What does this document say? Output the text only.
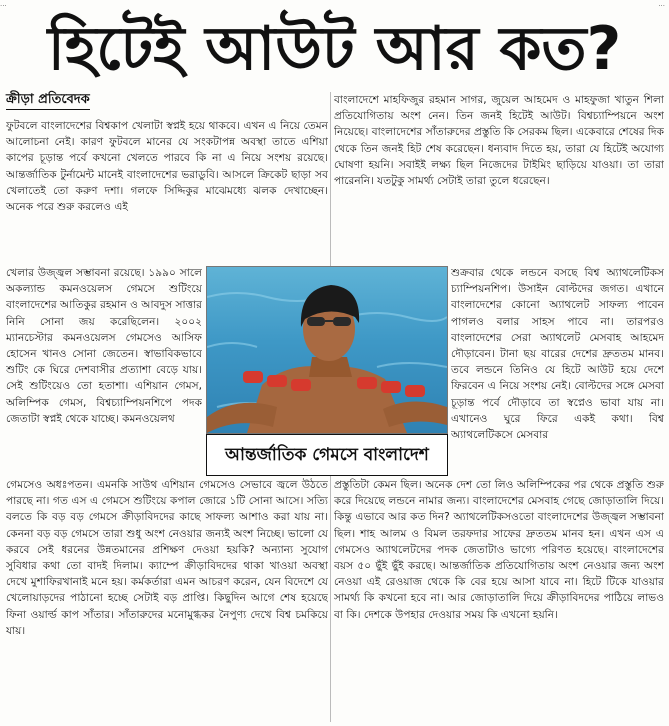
...	...
হিটেই আউট আর কত?
ক্রীড়া প্রতিবেদক

ফুটবলে বাংলাদেশের বিশ্বকাপ খেলাটা স্বপ্নই হয়ে থাকবে। এখন এ নিয়ে তেমন আলোচনা নেই। কারণ ফুটবলে মানের যে সংকটাপন্ন অবস্থা তাতে এশিয়া কাপের চূড়ান্ত পর্বে কখনো খেলতে পারবে কি না এ নিয়ে সংশয় রয়েছে। আন্তর্জাতিক টুর্নামেন্ট মানেই বাংলাদেশের ভরাডুবি। আসলে ক্রিকেট ছাড়া সব খেলাতেই তো করুণ দশা। গলফে সিদ্দিকুর মাঝেমধ্যে ঝলক দেখাচ্ছেন। অনেক পরে শুরু করলেও এই

বাংলাদেশে মাহফিজুর রহমান সাগর, জুয়েল আহমেদ ও মাহফুজা খাতুন শিলা প্রতিযোগিতায় অংশ নেন। তিন জনই হিটেই আউট। বিশ্বচ্যাম্পিয়নে অংশ নিয়েছে। বাংলাদেশের সাঁতারুদের প্রস্তুতি কি সেরকম ছিল। একেবারে শেষের দিক থেকে তিন জনই হিট শেষ করেছেন। ধন্যবাদ দিতে হয়, তারা যে হিটেই অযোগ্য ঘোষণা হয়নি। সবাইই লক্ষ্য ছিল নিজেদের টাইমিং ছাড়িয়ে যাওয়া। তা তারা পারেননি। যতটুকু সামর্থ্য সেটাই তারা তুলে ধরেছেন।

খেলার উজ্জ্বল সম্ভাবনা রয়েছে। ১৯৯০ সালে অকল্যান্ড কমনওয়েলস গেমসে শুটিংয়ে বাংলাদেশের আতিকুর রহমান ও আবদুস সাত্তার নিনি সোনা জয় করেছিলেন। ২০০২ ম্যানচেস্টার কমনওয়েলস গেমসেও আসিফ হোসেন খানও সোনা জেতেন। স্বাভাবিকভাবে শুটিং কে ঘিরে দেশবাসীর প্রত্যাশা বেড়ে যায়। সেই শুটিংয়েও তো হতাশা। এশিয়ান গেমস, অলিম্পিক গেমস, বিশ্বচ্যাম্পিয়নশিপে পদক জেতাটা স্বপ্নই থেকে যাচ্ছে। কমনওয়েলথ

আন্তর্জাতিক গেমসে বাংলাদেশ

শুক্রবার থেকে লন্ডনে বসছে বিশ্ব অ্যাথলেটিকস চ্যাম্পিয়নশিপ। উসাইন বোল্টদের জগত। এখানে বাংলাদেশের কোনো অ্যাথলেট সাফল্য পাবেন পাগলও বলার সাহস পাবে না। তারপরও বাংলাদেশের সেরা অ্যাথলেট মেসবাহ আহমেদ দৌড়াবেন। টানা ছয় বারের দেশের দ্রুততম মানব। তবে লন্ডনে তিনিও যে হিটে আউট হয়ে দেশে ফিরবেন এ নিয়ে সংশয় নেই। বোল্টদের সঙ্গে মেসবা চূড়ান্ত পর্বে দৌড়াবে তা স্বপ্নেও ভাবা যায় না। এখানেও ঘুরে ফিরে একই কথা। বিশ্ব অ্যাথলেটিকসে মেসবার

গেমসেও অধঃপতন। এমনকি সাউথ এশিয়ান গেমসেও সেভাবে জ্বলে উঠতে পারছে না। গত এস এ গেমসে শুটিংয়ে কপাল জোরে ১টি সোনা আসে। সত্যি বলতে কি বড় বড় গেমসে ক্রীড়াবিদদের কাছে সাফল্য আশাও করা যায় না। কেননা বড় বড় গেমসে তারা শুধু অংশ নেওয়ার জন্যই অংশ নিচ্ছে। ভালো যে করবে সেই ধরনের উন্নতমানের প্রশিক্ষণ দেওয়া হয়কি? অন্যান্য সুযোগ সুবিধার কথা তো বাদই দিলাম। ক্যাম্পে ক্রীড়াবিদদের থাকা খাওয়া অবস্থা দেখে মুশাফিরখানাই মনে হয়। কর্মকর্তারা এমন আচরণ করেন, যেন বিদেশে যে খেলোয়াড়দের পাঠানো হচ্ছে সেটাই বড় প্রাপ্তি। কিছুদিন আগে শেষ হয়েছে ফিনা ওয়ার্ল্ড কাপ সাঁতার। সাঁতারুদের মনোমুগ্ধকর নৈপুণ্য দেখে বিশ্ব চমকিয়ে যায়।

প্রস্তুতিটা কেমন ছিল। অনেক দেশ তো লিও অলিম্পিকের পর থেকে প্রস্তুতি শুরু করে দিয়েছে লন্ডনে নামার জন্য। বাংলাদেশের মেসবাহ গেছে জোড়াতালি দিয়ে। কিন্তু এভাবে আর কত দিন? অ্যাথলেটিকসওতো বাংলাদেশের উজ্জ্বল সম্ভাবনা ছিল। শাহ আলম ও বিমল তরফদার সাফের দ্রুততম মানব হন। এখন এস এ গেমসেও অ্যাথলেটদের পদক জেতাটাও ভাগ্যে পরিণত হয়েছে। বাংলাদেশের বয়স ৫০ ছুঁই ছুঁই করছে। আন্তর্জাতিক প্রতিযোগিতায় অংশ নেওয়ার জন্য অংশ নেওয়া এই রেওয়াজ থেকে কি বের হয়ে আসা যাবে না। হিটে টিকে যাওয়ার সামর্থ্য কি কখনো হবে না। আর জোড়াতালি দিয়ে ক্রীড়াবিদদের পাঠিয়ে লাভও বা কি। দেশকে উপহার দেওয়ার সময় কি এখনো হয়নি।
